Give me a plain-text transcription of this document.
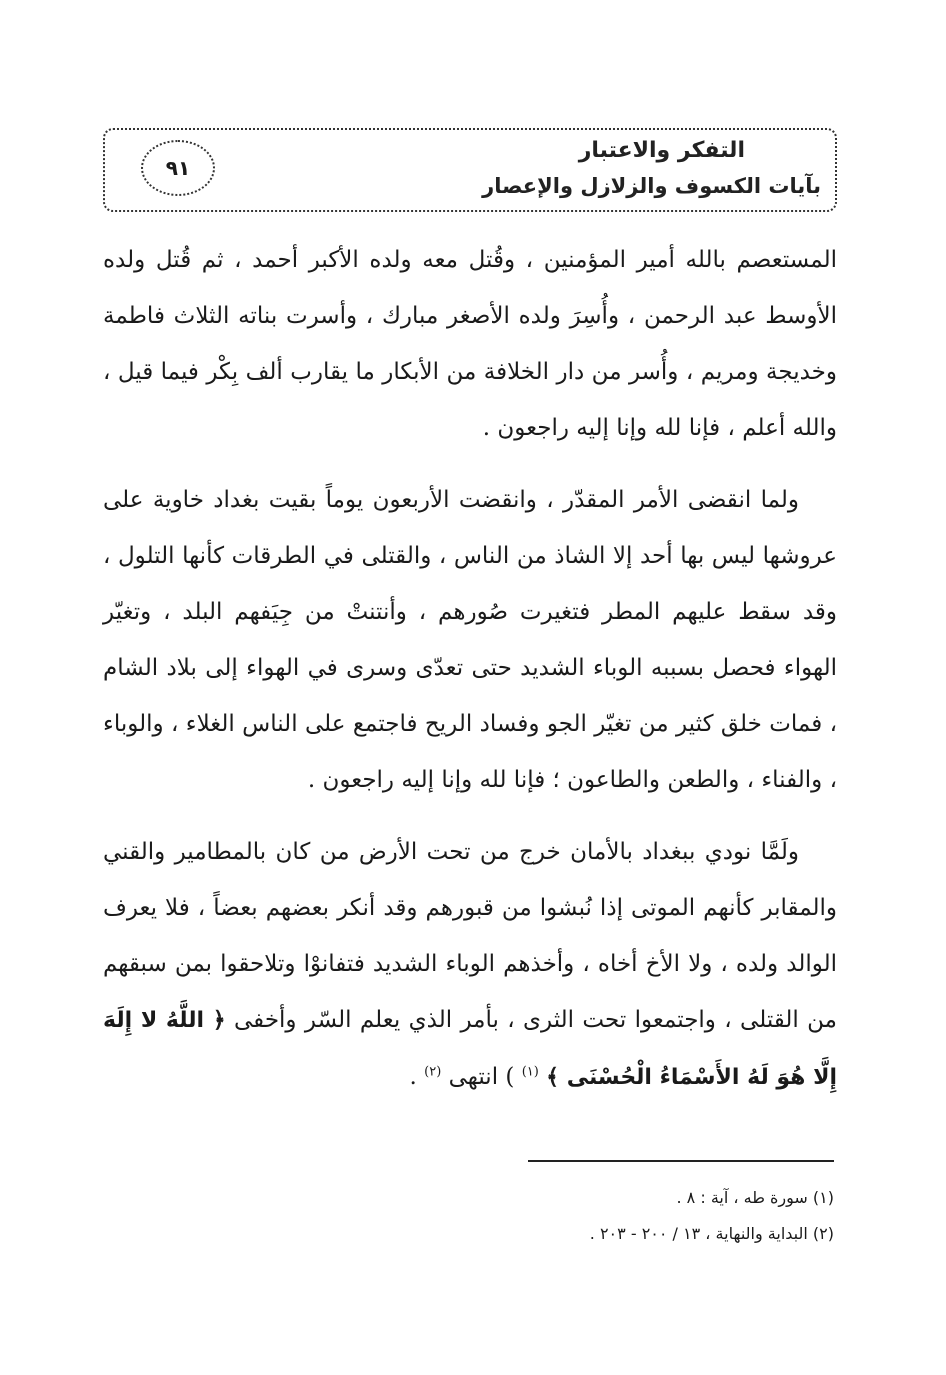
التفكر والاعتبار
بآيات الكسوف والزلازل والإعصار
٩١

المستعصم بالله أمير المؤمنين ، وقُتل معه ولده الأكبر أحمد ، ثم قُتل ولده الأوسط عبد الرحمن ، وأُسِرَ ولده الأصغر مبارك ، وأسرت بناته الثلاث فاطمة وخديجة ومريم ، وأُسر من دار الخلافة من الأبكار ما يقارب ألف بِكْر فيما قيل ، والله أعلم ، فإنا لله وإنا إليه راجعون .

ولما انقضى الأمر المقدّر ، وانقضت الأربعون يوماً بقيت بغداد خاوية على عروشها ليس بها أحد إلا الشاذ من الناس ، والقتلى في الطرقات كأنها التلول ، وقد سقط عليهم المطر فتغيرت صُورهم ، وأنتنتْ من جِيَفهم البلد ، وتغيّر الهواء فحصل بسببه الوباء الشديد حتى تعدّى وسرى في الهواء إلى بلاد الشام ، فمات خلق كثير من تغيّر الجو وفساد الريح فاجتمع على الناس الغلاء ، والوباء ، والفناء ، والطعن والطاعون ؛ فإنا لله وإنا إليه راجعون .

ولَمَّا نودي ببغداد بالأمان خرج من تحت الأرض من كان بالمطامير والقني والمقابر كأنهم الموتى إذا نُبشوا من قبورهم وقد أنكر بعضهم بعضاً ، فلا يعرف الوالد ولده ، ولا الأخ أخاه ، وأخذهم الوباء الشديد فتفانوْا وتلاحقوا بمن سبقهم من القتلى ، واجتمعوا تحت الثرى ، بأمر الذي يعلم السّر وأخفى ﴿ اللَّهُ لا إِلَهَ إِلَّا هُوَ لَهُ الأَسْمَاءُ الْحُسْنَى ﴾ $^{(١)}$ ) انتهى $^{(٢)}$ .

(١) سورة طه ، آية : ٨ .

(٢) البداية والنهاية ، ١٣ / ٢٠٠ - ٢٠٣ .
